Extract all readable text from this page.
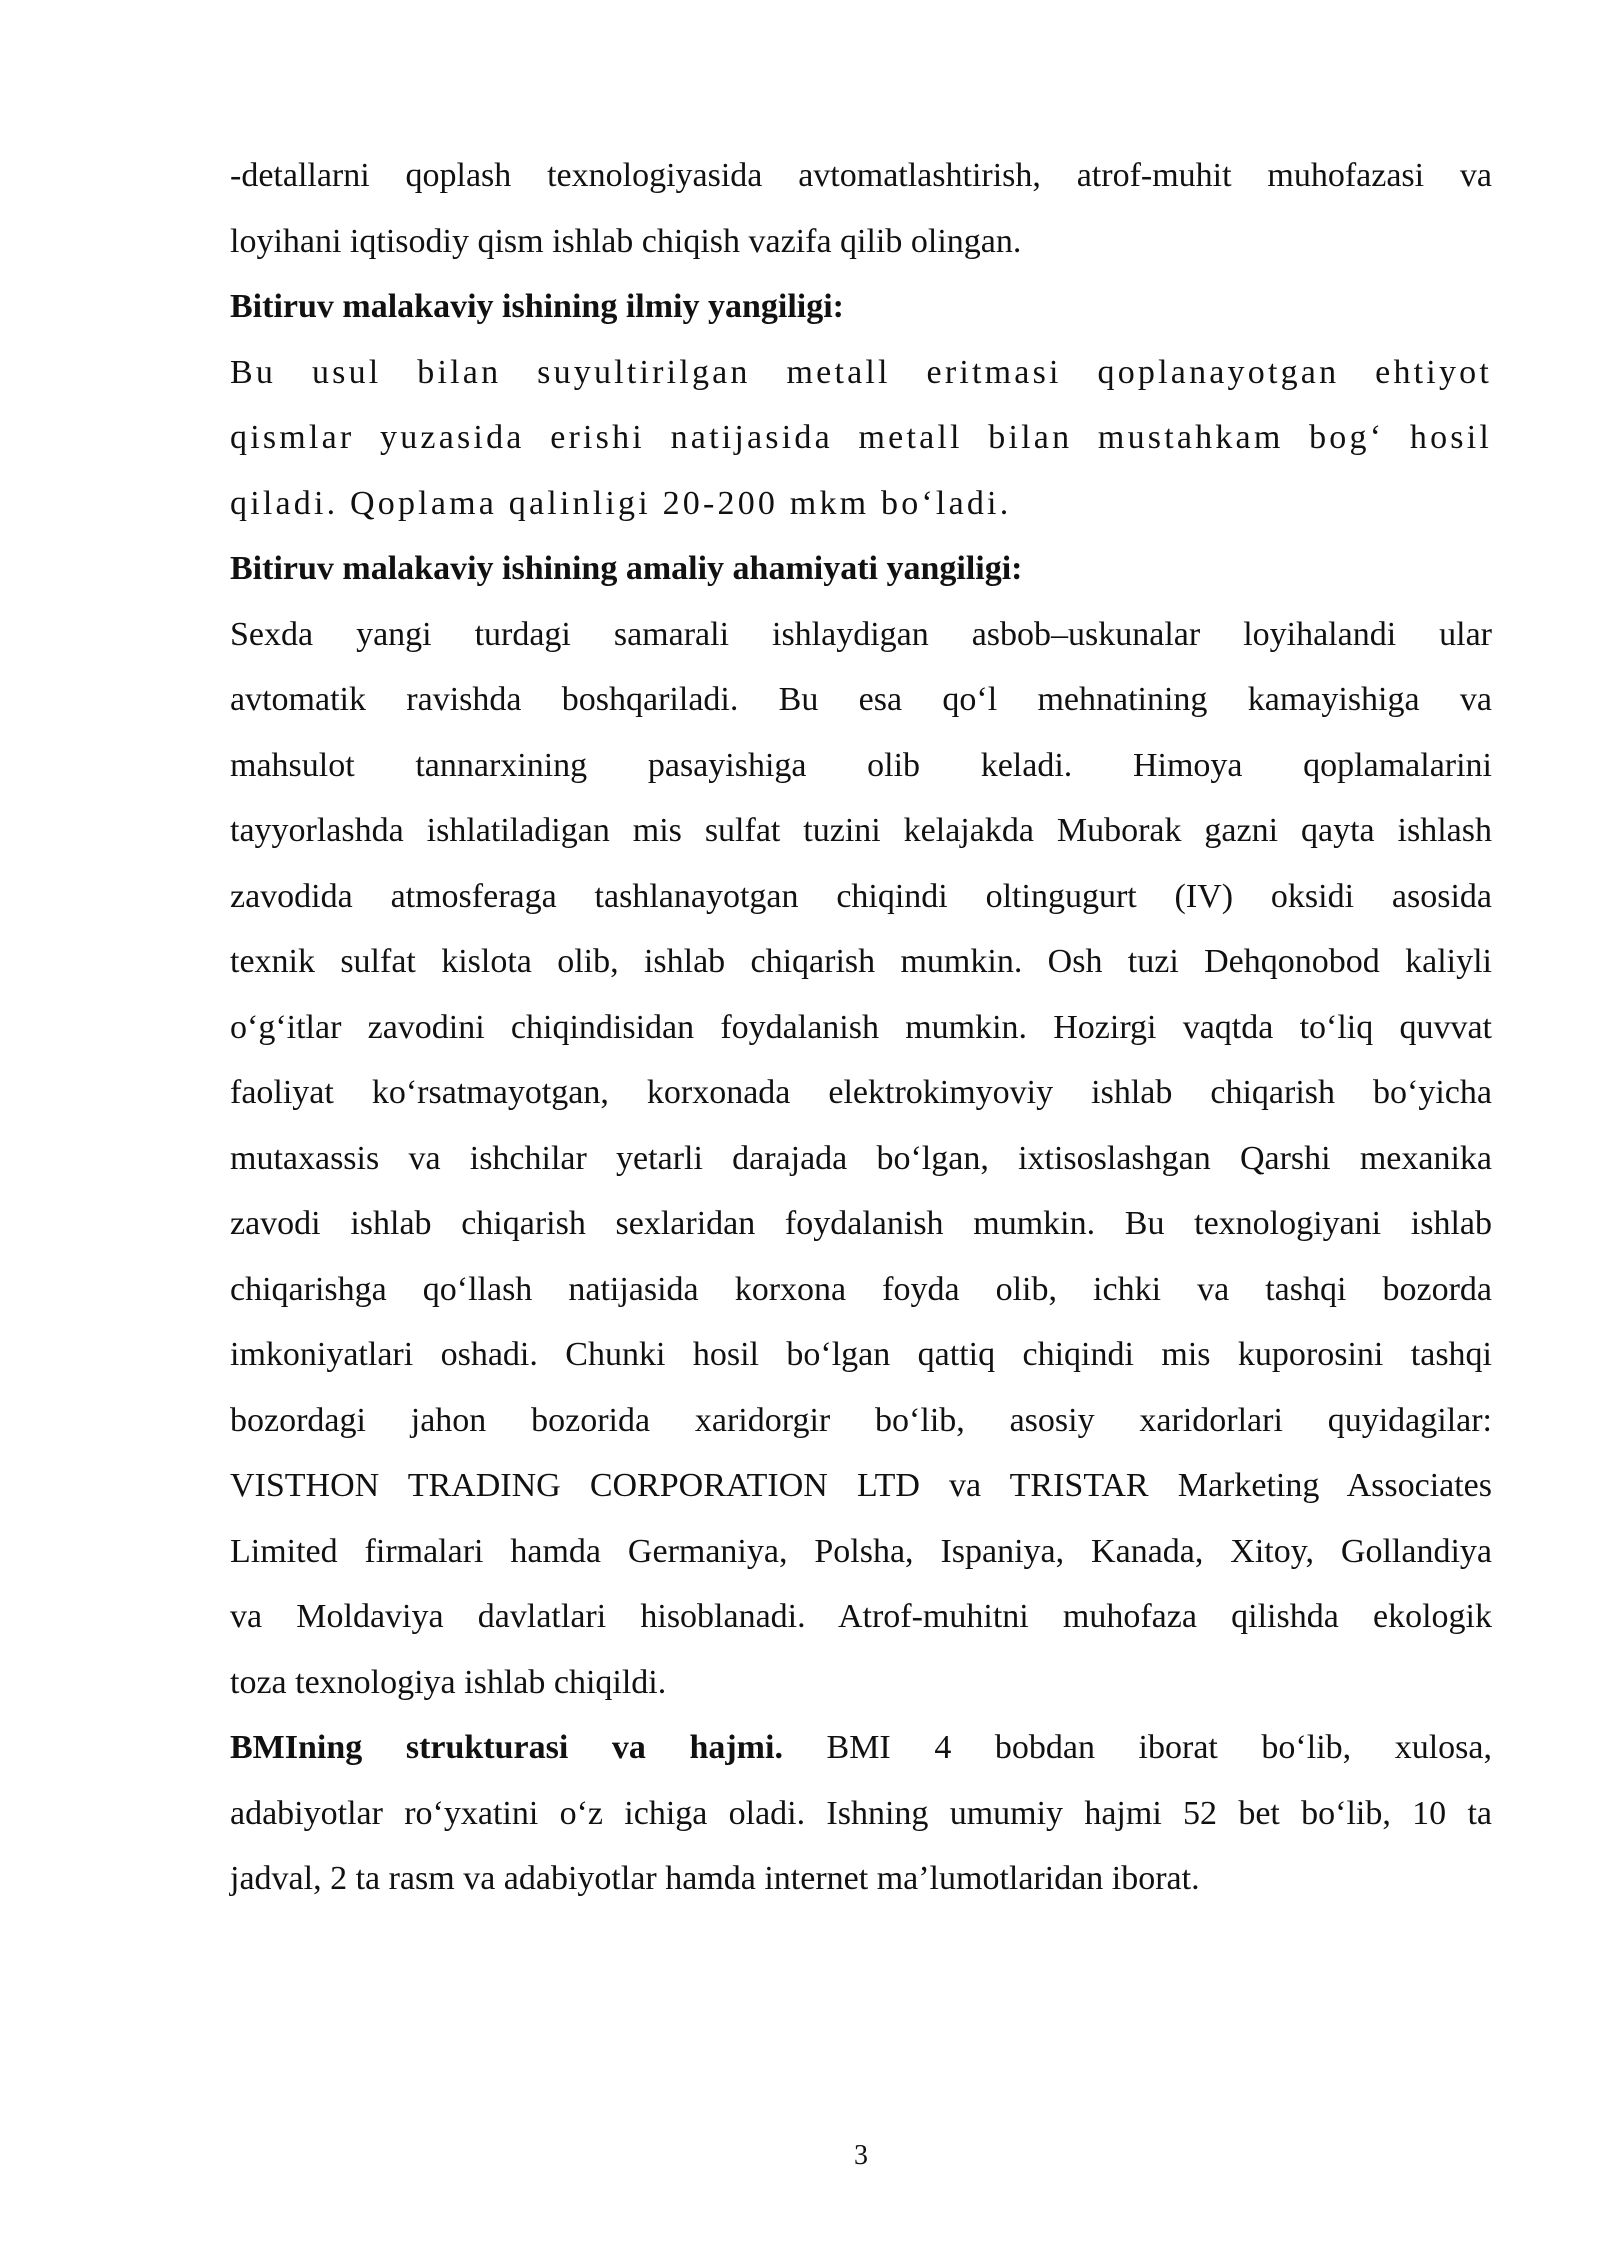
-detallarni qoplash texnologiyasida avtomatlashtirish, atrof-muhit muhofazasi va
loyihani iqtisodiy qism ishlab chiqish vazifa qilib olingan.
Bitiruv malakaviy ishining ilmiy yangiligi:
Bu usul bilan suyultirilgan metall eritmasi qoplanayotgan ehtiyot
qismlar yuzasida erishi natijasida metall bilan mustahkam bog‘ hosil
qiladi. Qoplama qalinligi 20-200 mkm bo‘ladi.
Bitiruv malakaviy ishining amaliy ahamiyati yangiligi:
Sexda yangi turdagi samarali ishlaydigan asbob–uskunalar loyihalandi ular
avtomatik ravishda boshqariladi. Bu esa qo‘l mehnatining kamayishiga va
mahsulot tannarxining pasayishiga olib keladi. Himoya qoplamalarini
tayyorlashda ishlatiladigan mis sulfat tuzini kelajakda Muborak gazni qayta ishlash
zavodida atmosferaga tashlanayotgan chiqindi oltingugurt (IV) oksidi asosida
texnik sulfat kislota olib, ishlab chiqarish mumkin. Osh tuzi Dehqonobod kaliyli
o‘g‘itlar zavodini chiqindisidan foydalanish mumkin. Hozirgi vaqtda to‘liq quvvat
faoliyat ko‘rsatmayotgan, korxonada elektrokimyoviy ishlab chiqarish bo‘yicha
mutaxassis va ishchilar yetarli darajada bo‘lgan, ixtisoslashgan Qarshi mexanika
zavodi ishlab chiqarish sexlaridan foydalanish mumkin. Bu texnologiyani ishlab
chiqarishga qo‘llash natijasida korxona foyda olib, ichki va tashqi bozorda
imkoniyatlari oshadi. Chunki hosil bo‘lgan qattiq chiqindi mis kuporosini tashqi
bozordagi jahon bozorida xaridorgir bo‘lib, asosiy xaridorlari quyidagilar:
VISTHON TRADING CORPORATION LTD va TRISTAR Marketing Associates
Limited firmalari hamda Germaniya, Polsha, Ispaniya, Kanada, Xitoy, Gollandiya
va Moldaviya davlatlari hisoblanadi. Atrof-muhitni muhofaza qilishda ekologik
toza texnologiya ishlab chiqildi.
BMIning strukturasi va hajmi. BMI 4 bobdan iborat bo‘lib, xulosa,
adabiyotlar ro‘yxatini o‘z ichiga oladi. Ishning umumiy hajmi 52 bet bo‘lib, 10 ta
jadval, 2 ta rasm va adabiyotlar hamda internet ma’lumotlaridan iborat.
3
